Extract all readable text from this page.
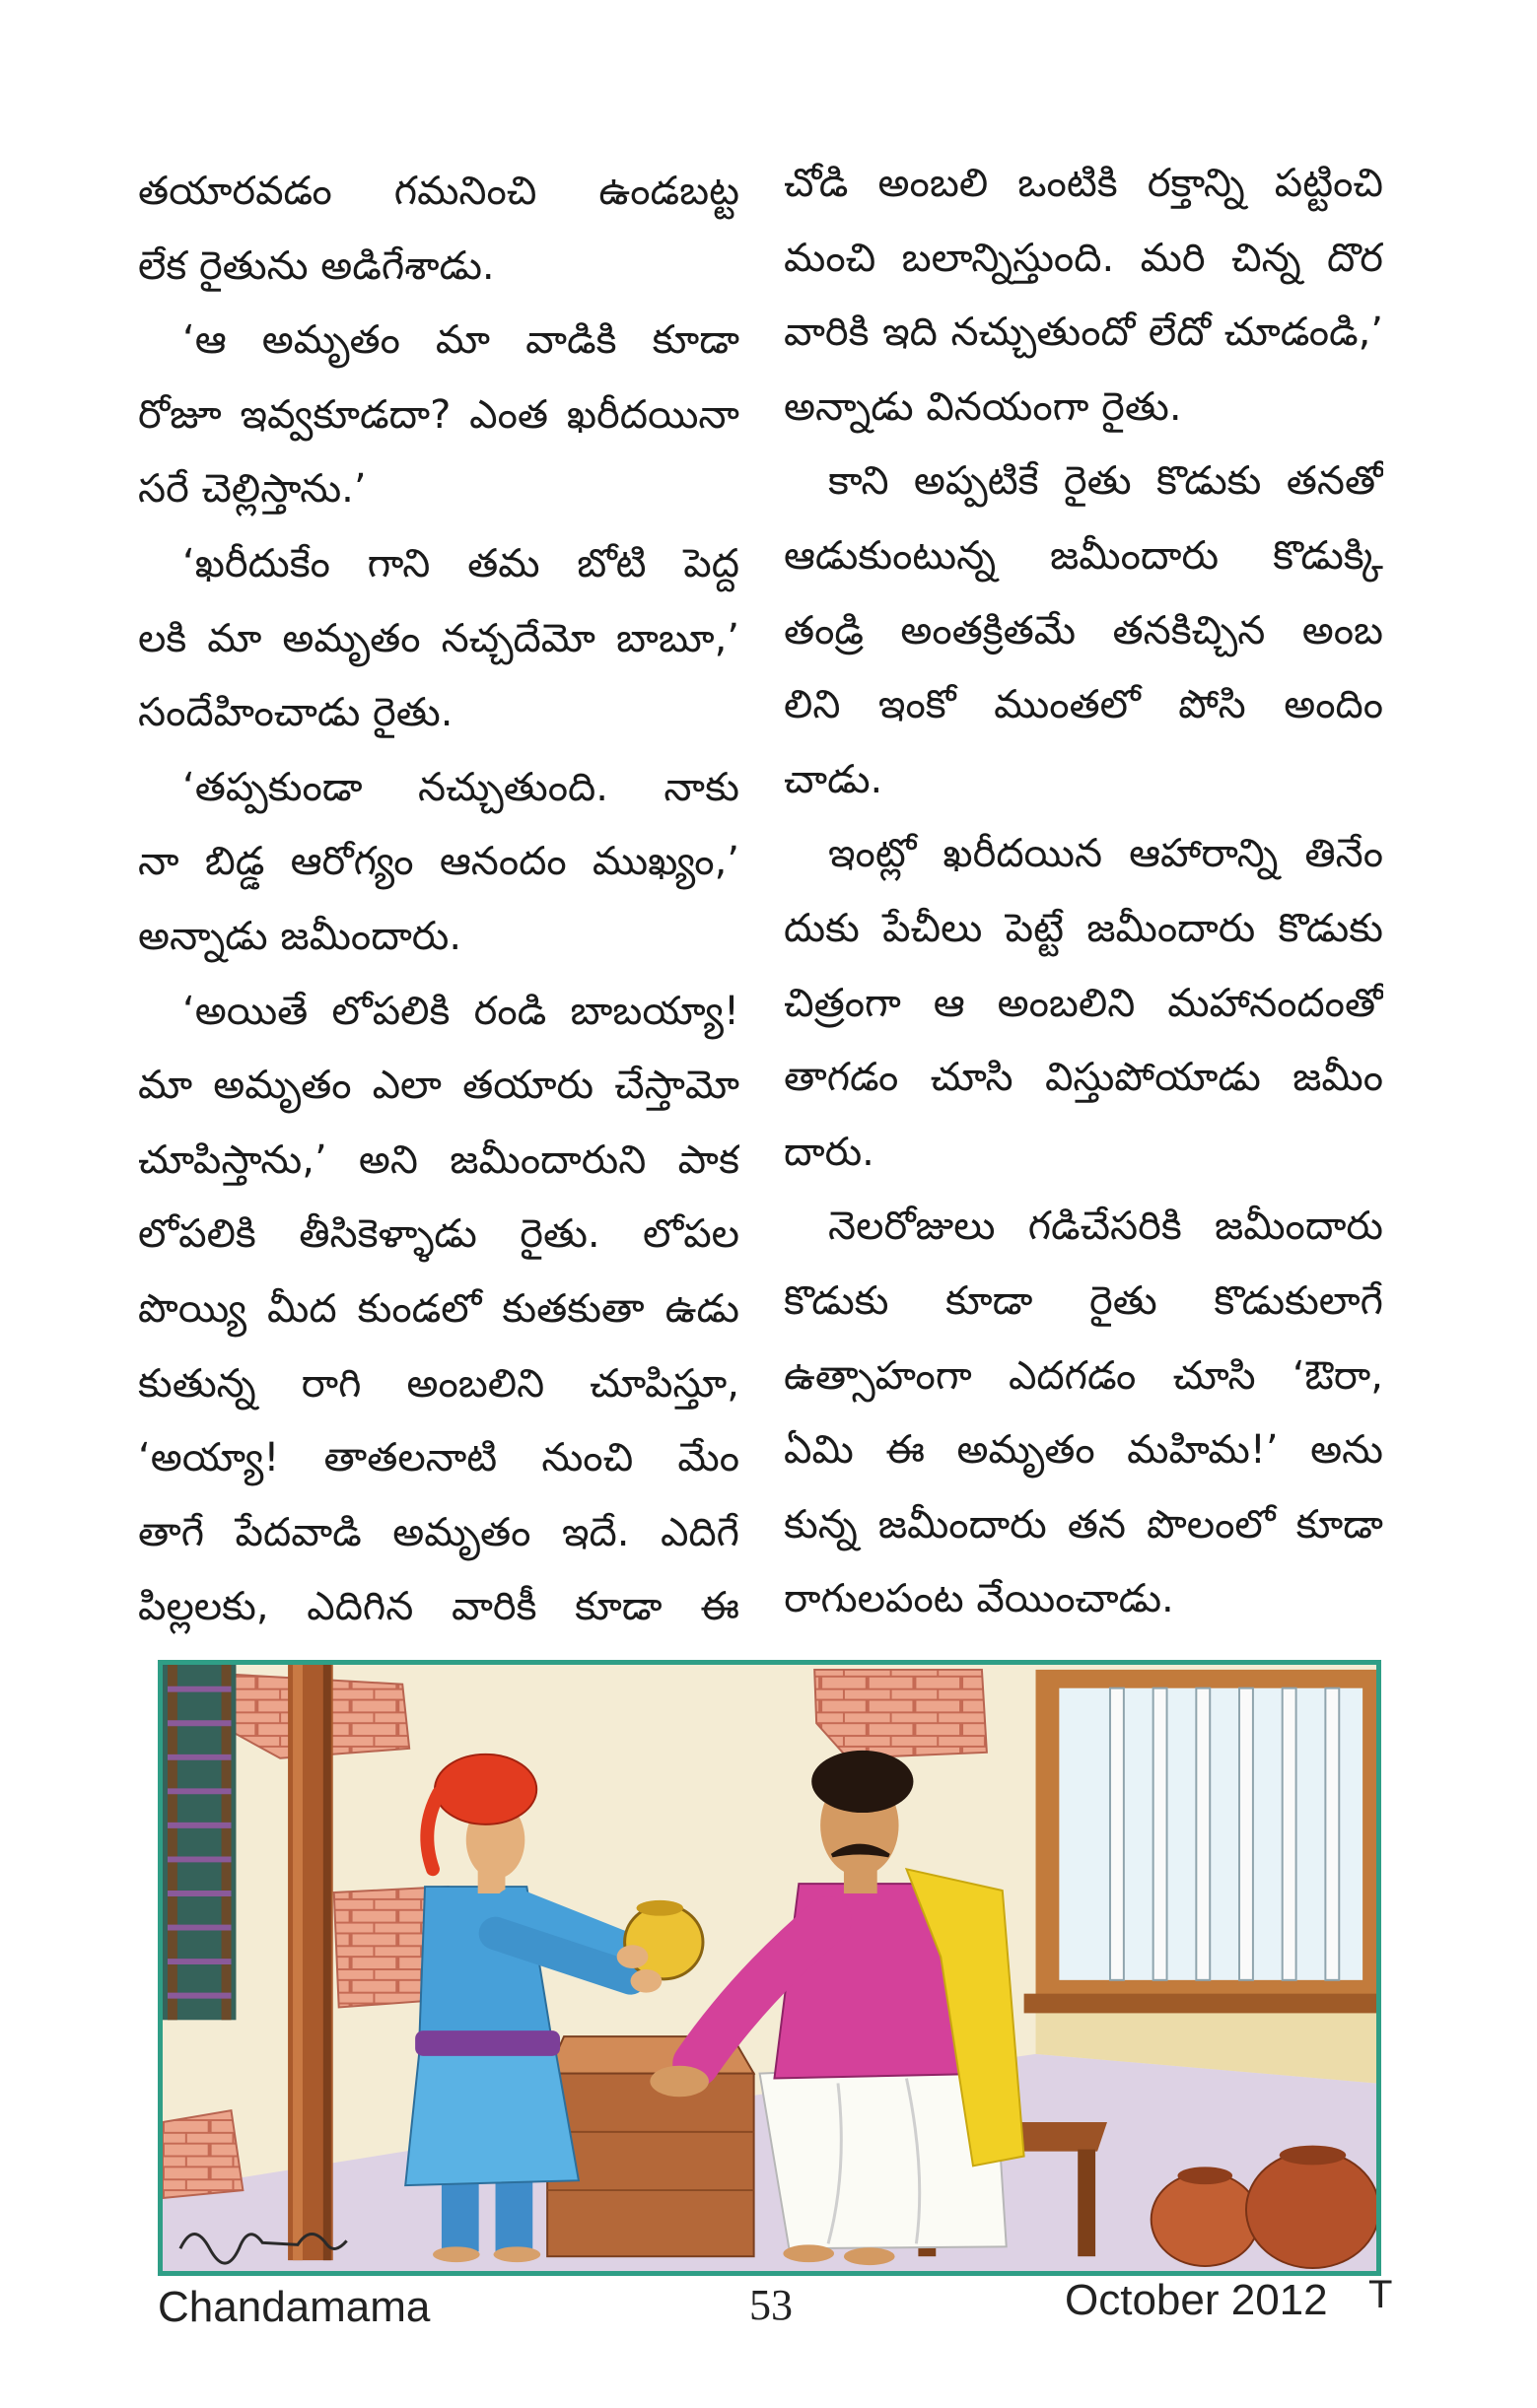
తయారవడం గమనించి ఉండబట్ట
లేక రైతును అడిగేశాడు.
‘ఆ అమృతం మా వాడికి కూడా
రోజూ ఇవ్వకూడదా? ఎంత ఖరీదయినా
సరే చెల్లిస్తాను.’
‘ఖరీదుకేం గాని తమ బోటి పెద్ద
లకి మా అమృతం నచ్చదేమో బాబూ,’
సందేహించాడు రైతు.
‘తప్పకుండా నచ్చుతుంది. నాకు
నా బిడ్డ ఆరోగ్యం ఆనందం ముఖ్యం,’
అన్నాడు జమీందారు.
‘అయితే లోపలికి రండి బాబయ్యా!
మా అమృతం ఎలా తయారు చేస్తామో
చూపిస్తాను,’ అని జమీందారుని పాక
లోపలికి తీసికెళ్ళాడు రైతు. లోపల
పొయ్యి మీద కుండలో కుతకుతా ఉడు
కుతున్న రాగి అంబలిని చూపిస్తూ,
‘అయ్యా! తాతలనాటి నుంచి మేం
తాగే పేదవాడి అమృతం ఇదే. ఎదిగే
పిల్లలకు, ఎదిగిన వారికీ కూడా ఈ
చోడి అంబలి ఒంటికి రక్తాన్ని పట్టించి
మంచి బలాన్నిస్తుంది. మరి చిన్న దొర
వారికి ఇది నచ్చుతుందో లేదో చూడండి,’
అన్నాడు వినయంగా రైతు.
కాని అప్పటికే రైతు కొడుకు తనతో
ఆడుకుంటున్న జమీందారు కొడుక్కి
తండ్రి అంతక్రితమే తనకిచ్చిన అంబ
లిని ఇంకో ముంతలో పోసి అందిం
చాడు.
ఇంట్లో ఖరీదయిన ఆహారాన్ని తినేం
దుకు పేచీలు పెట్టే జమీందారు కొడుకు
చిత్రంగా ఆ అంబలిని మహానందంతో
తాగడం చూసి విస్తుపోయాడు జమీం
దారు.
నెలరోజులు గడిచేసరికి జమీందారు
కొడుకు కూడా రైతు కొడుకులాగే
ఉత్సాహంగా ఎదగడం చూసి ‘ఔరా,
ఏమి ఈ అమృతం మహిమ!’ అను
కున్న జమీందారు తన పొలంలో కూడా
రాగులపంట వేయించాడు.
Chandamama	53	October 2012 T
